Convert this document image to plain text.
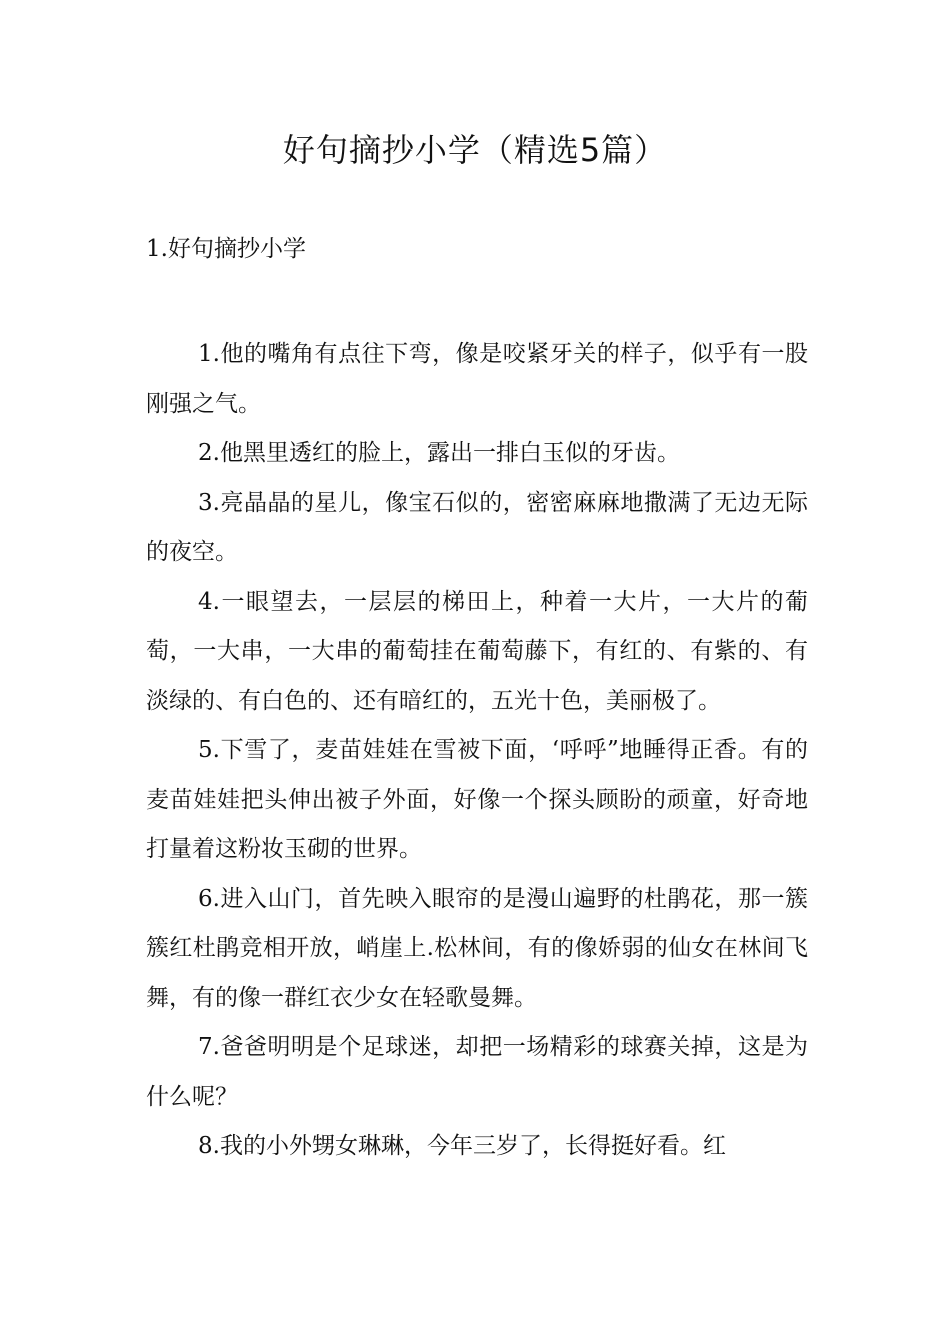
好句摘抄小学（精选5篇）
1.好句摘抄小学

1.他的嘴角有点往下弯，像是咬紧牙关的样子，似乎有一股刚强之气。

2.他黑里透红的脸上，露出一排白玉似的牙齿。

3.亮晶晶的星儿，像宝石似的，密密麻麻地撒满了无边无际的夜空。

4.一眼望去，一层层的梯田上，种着一大片，一大片的葡萄，一大串，一大串的葡萄挂在葡萄藤下，有红的、有紫的、有淡绿的、有白色的、还有暗红的，五光十色，美丽极了。

5.下雪了，麦苗娃娃在雪被下面，‘呼呼”地睡得正香。有的麦苗娃娃把头伸出被子外面，好像一个探头顾盼的顽童，好奇地打量着这粉妆玉砌的世界。

6.进入山门，首先映入眼帘的是漫山遍野的杜鹃花，那一簇簇红杜鹃竞相开放，峭崖上.松林间，有的像娇弱的仙女在林间飞舞，有的像一群红衣少女在轻歌曼舞。

7.爸爸明明是个足球迷，却把一场精彩的球赛关掉，这是为什么呢？

8.我的小外甥女琳琳，今年三岁了，长得挺好看。红
